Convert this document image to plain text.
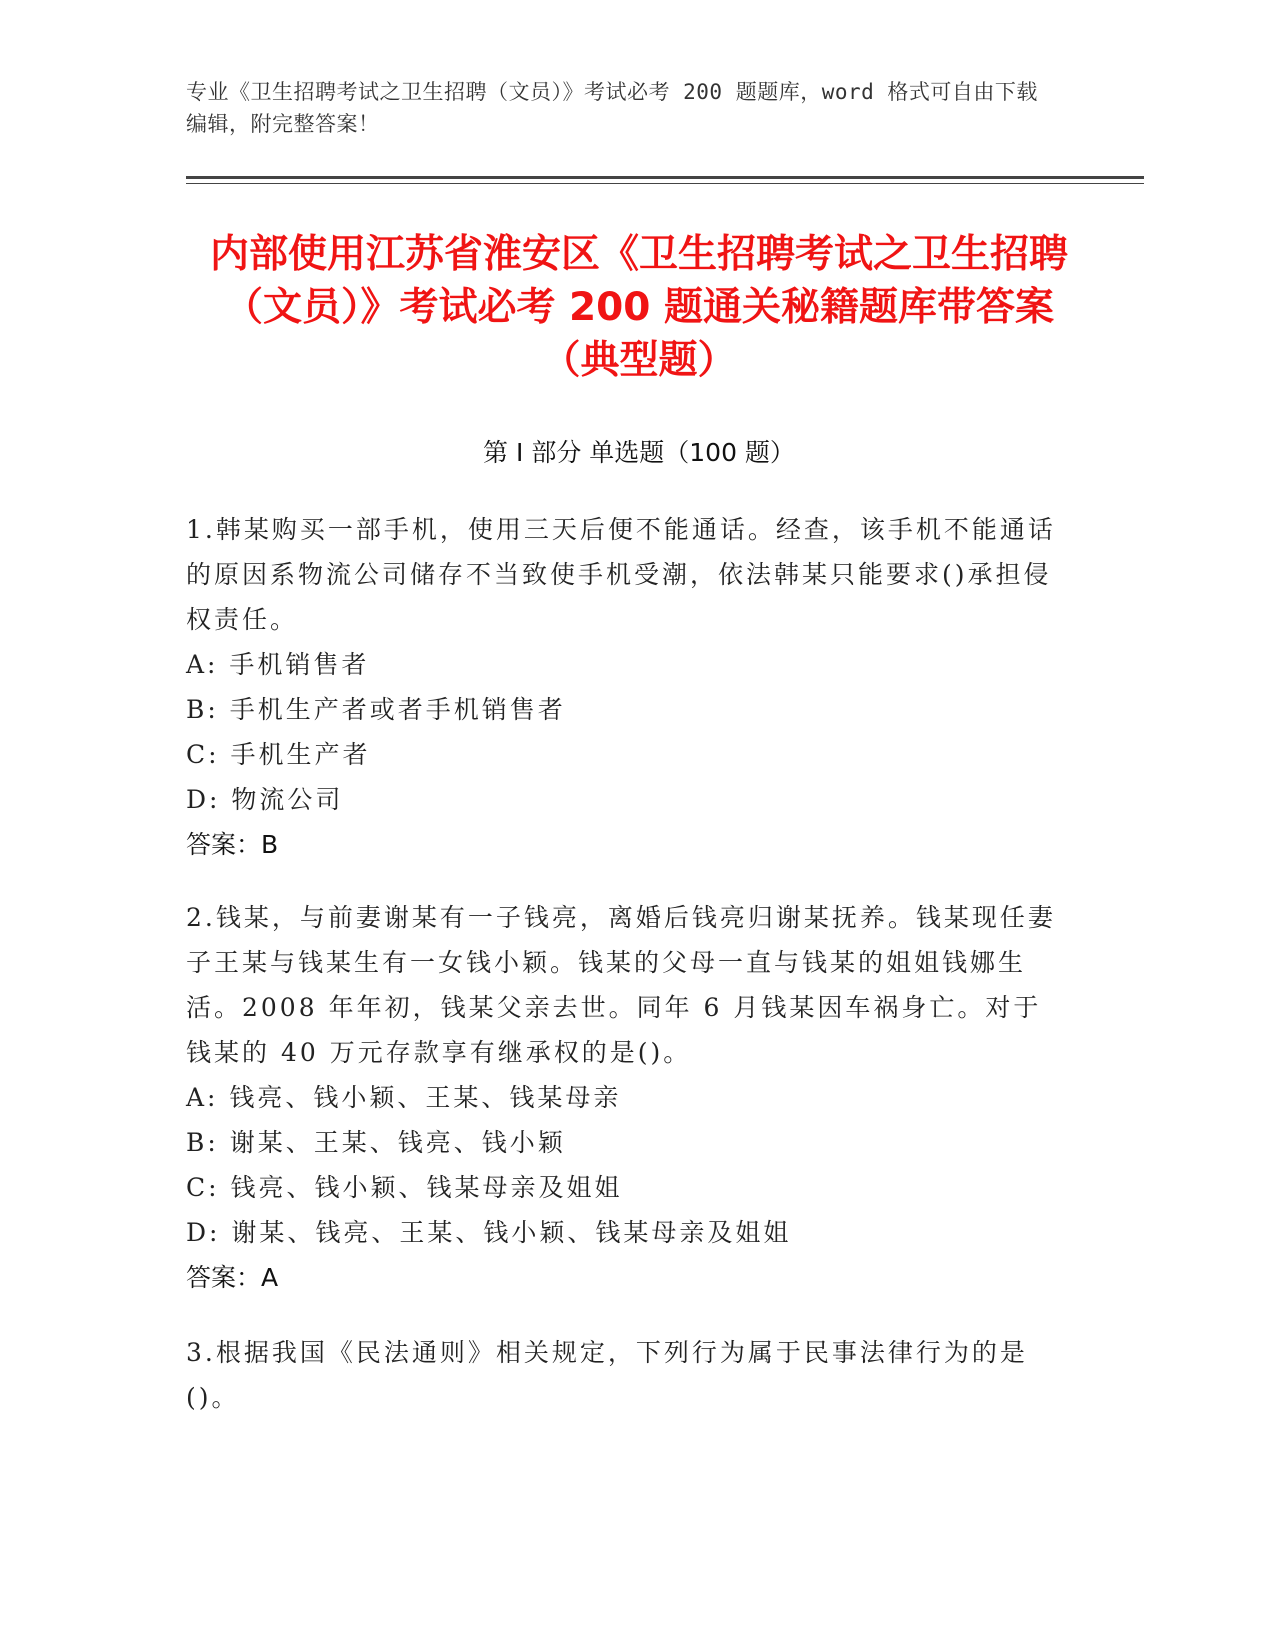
专业《卫生招聘考试之卫生招聘（文员）》考试必考 200 题题库，word 格式可自由下载编辑，附完整答案！
内部使用江苏省淮安区《卫生招聘考试之卫生招聘（文员）》考试必考 200 题通关秘籍题库带答案（典型题）
第 I 部分 单选题（100 题）
1.韩某购买一部手机，使用三天后便不能通话。经查，该手机不能通话的原因系物流公司储存不当致使手机受潮，依法韩某只能要求()承担侵权责任。
A: 手机销售者
B: 手机生产者或者手机销售者
C: 手机生产者
D: 物流公司
答案：B
2.钱某，与前妻谢某有一子钱亮，离婚后钱亮归谢某抚养。钱某现任妻子王某与钱某生有一女钱小颖。钱某的父母一直与钱某的姐姐钱娜生活。2008 年年初，钱某父亲去世。同年 6 月钱某因车祸身亡。对于钱某的 40 万元存款享有继承权的是()。
A: 钱亮、钱小颖、王某、钱某母亲
B: 谢某、王某、钱亮、钱小颖
C: 钱亮、钱小颖、钱某母亲及姐姐
D: 谢某、钱亮、王某、钱小颖、钱某母亲及姐姐
答案：A
3.根据我国《民法通则》相关规定，下列行为属于民事法律行为的是()。
